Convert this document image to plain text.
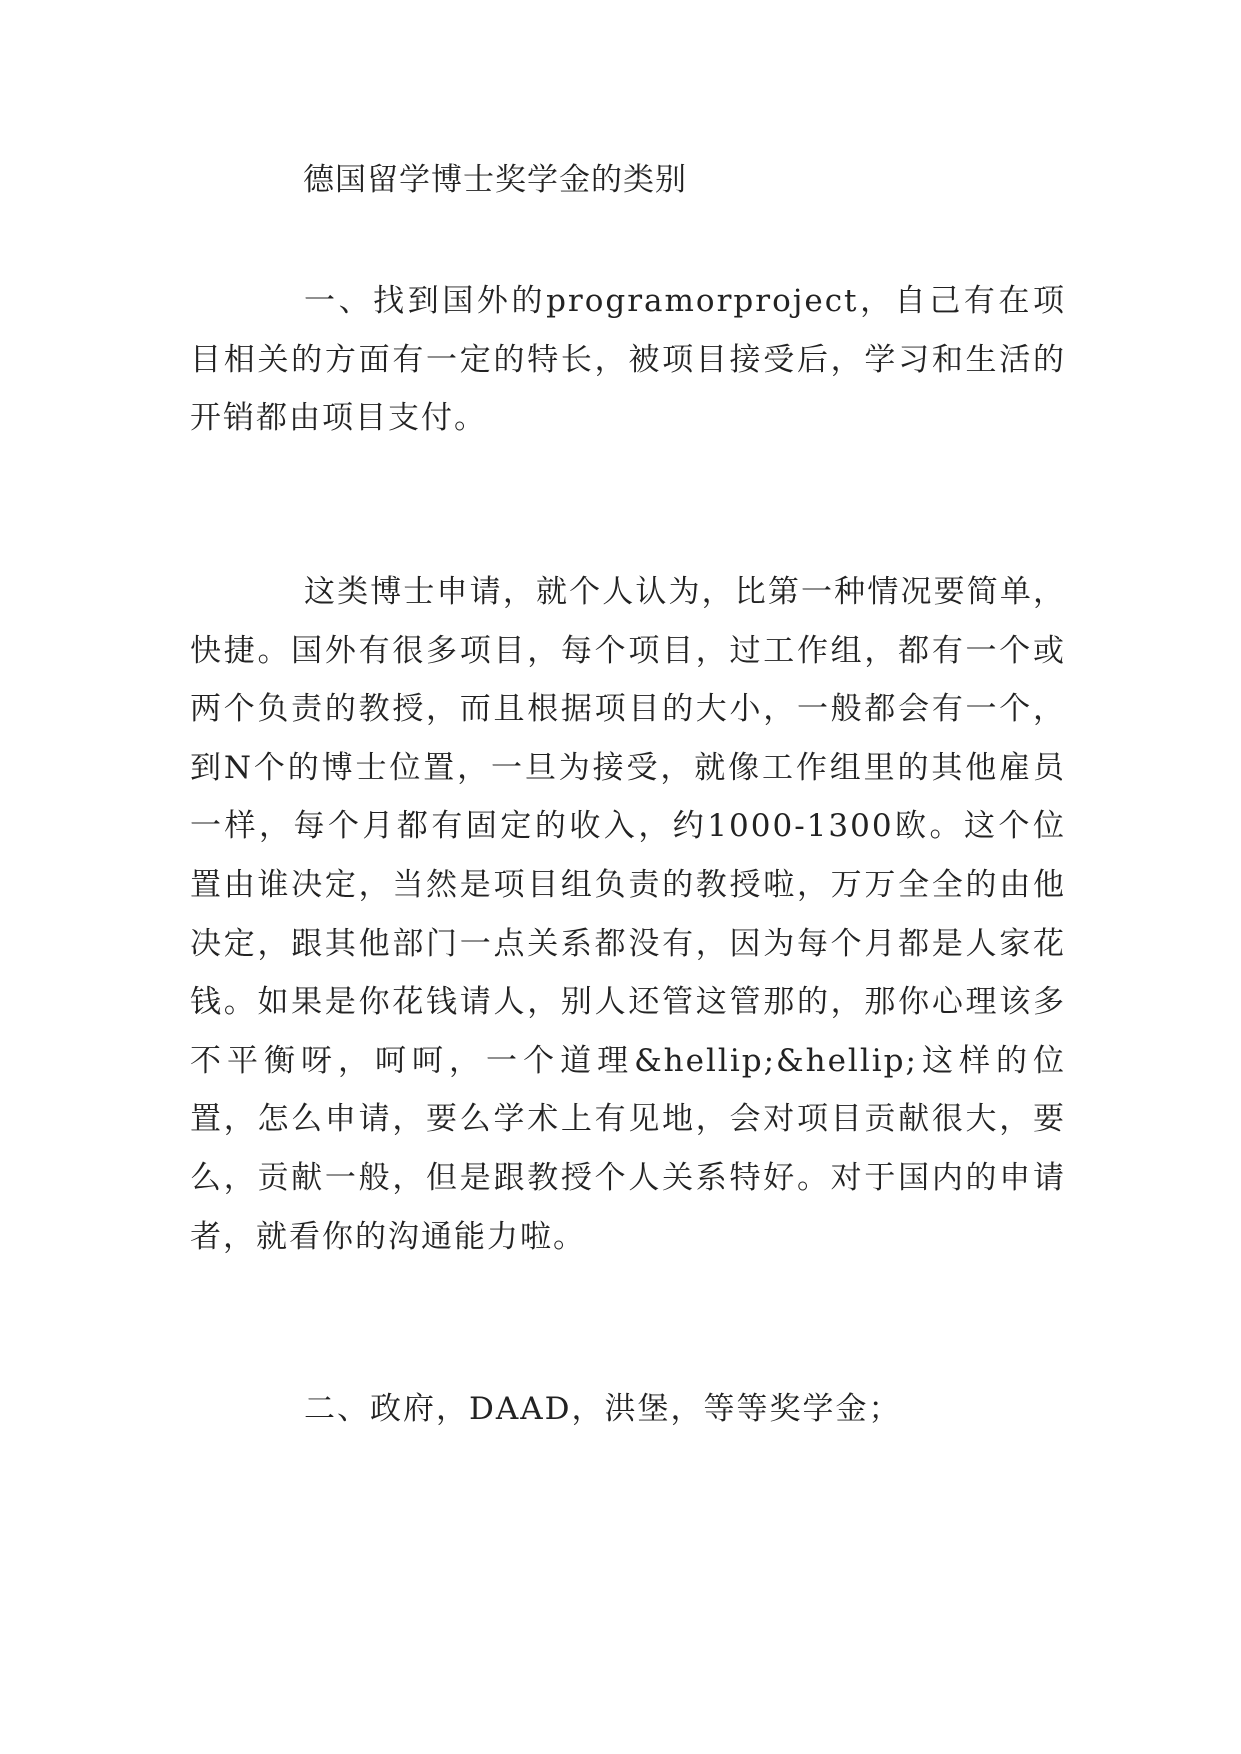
德国留学博士奖学金的类别

一、找到国外的programorproject，自己有在项目相关的方面有一定的特长，被项目接受后，学习和生活的开销都由项目支付。

这类博士申请，就个人认为，比第一种情况要简单，快捷。国外有很多项目，每个项目，过工作组，都有一个或两个负责的教授，而且根据项目的大小，一般都会有一个，到N个的博士位置，一旦为接受，就像工作组里的其他雇员一样，每个月都有固定的收入，约1000-1300欧。这个位置由谁决定，当然是项目组负责的教授啦，万万全全的由他决定，跟其他部门一点关系都没有，因为每个月都是人家花钱。如果是你花钱请人，别人还管这管那的，那你心理该多不平衡呀，呵呵，一个道理&hellip;&hellip;这样的位置，怎么申请，要么学术上有见地，会对项目贡献很大，要么，贡献一般，但是跟教授个人关系特好。对于国内的申请者，就看你的沟通能力啦。

二、政府，DAAD，洪堡，等等奖学金；
